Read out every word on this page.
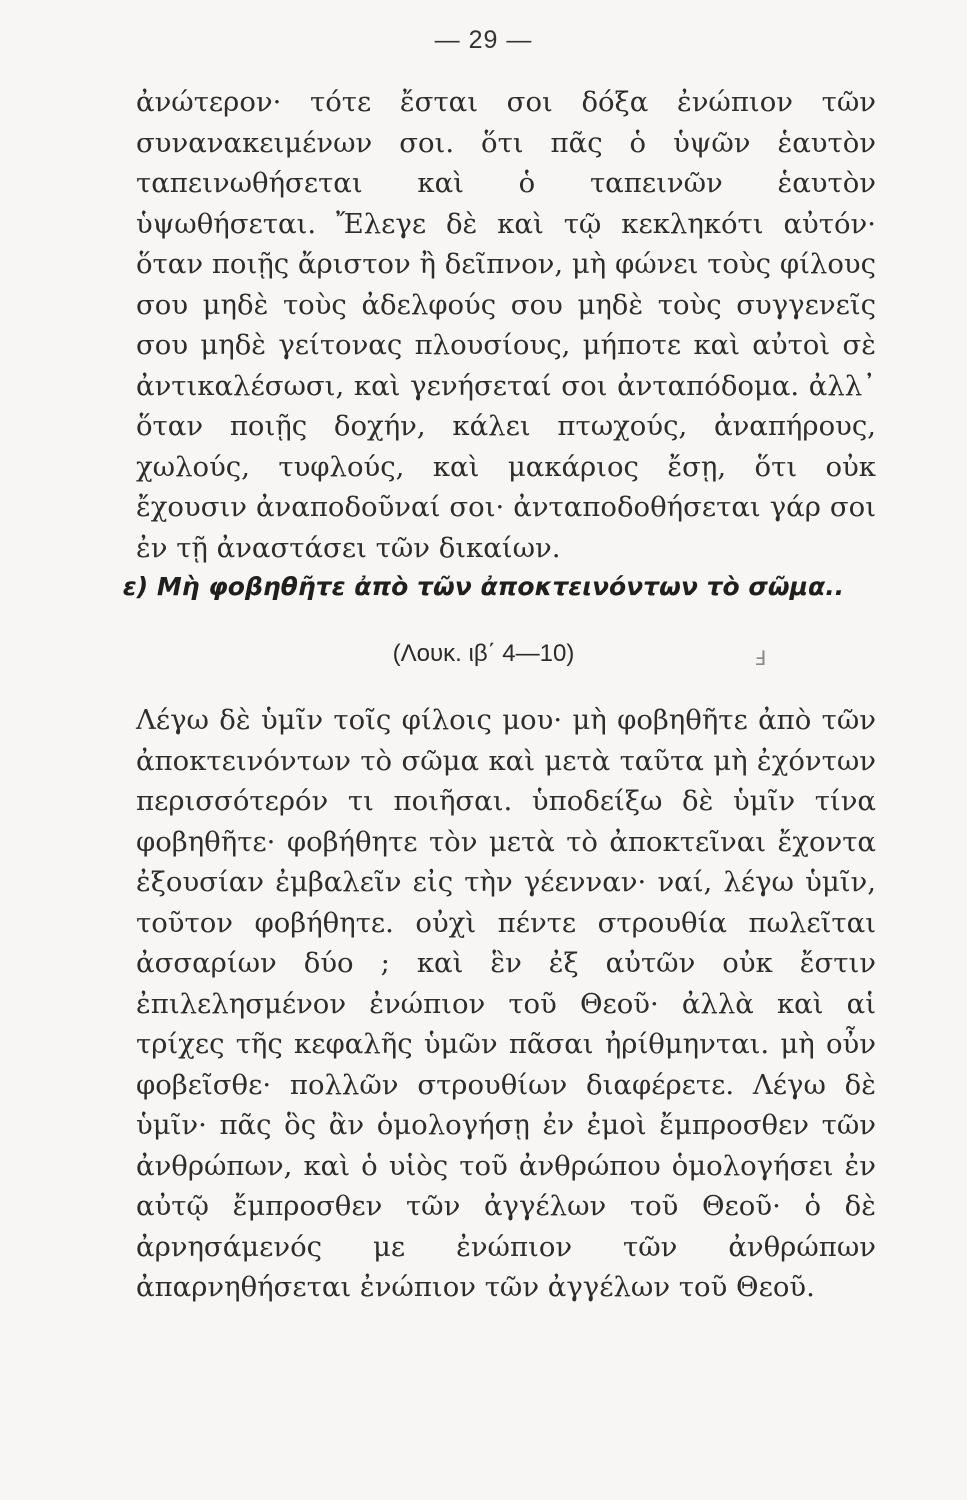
— 29 —

ἀνώτερον· τότε ἔσται σοι δόξα ἐνώπιον τῶν συνανακειμένων σοι. ὅτι πᾶς ὁ ὑψῶν ἑαυτὸν ταπεινωθήσεται καὶ ὁ ταπεινῶν ἑαυτὸν ὑψωθήσεται. Ἔλεγε δὲ καὶ τῷ κεκληκότι αὐτόν· ὅταν ποιῇς ἄριστον ἢ δεῖπνον, μὴ φώνει τοὺς φίλους σου μηδὲ τοὺς ἀδελφούς σου μηδὲ τοὺς συγγενεῖς σου μηδὲ γείτονας πλουσίους, μήποτε καὶ αὐτοὶ σὲ ἀντικαλέσωσι, καὶ γενήσεταί σοι ἀνταπόδομα. ἀλλ᾽ ὅταν ποιῇς δοχήν, κάλει πτωχούς, ἀναπήρους, χωλούς, τυφλούς, καὶ μακάριος ἔσῃ, ὅτι οὐκ ἔχουσιν ἀναποδοῦναί σοι· ἀνταποδοθήσεται γάρ σοι ἐν τῇ ἀναστάσει τῶν δικαίων.

ε) Μὴ φοβηθῆτε ἀπὸ τῶν ἀποκτεινόντων τὸ σῶμα..

(Λουκ. ιβ΄ 4—10)	Ⅎ

Λέγω δὲ ὑμῖν τοῖς φίλοις μου· μὴ φοβηθῆτε ἀπὸ τῶν ἀποκτεινόντων τὸ σῶμα καὶ μετὰ ταῦτα μὴ ἐχόντων περισσότερόν τι ποιῆσαι. ὑποδείξω δὲ ὑμῖν τίνα φοβηθῆτε· φοβήθητε τὸν μετὰ τὸ ἀποκτεῖναι ἔχοντα ἐξουσίαν ἐμβαλεῖν εἰς τὴν γέενναν· ναί, λέγω ὑμῖν, τοῦτον φοβήθητε. οὐχὶ πέντε στρουθία πωλεῖται ἀσσαρίων δύο ; καὶ ἓν ἐξ αὐτῶν οὐκ ἔστιν ἐπιλελησμένον ἐνώπιον τοῦ Θεοῦ· ἀλλὰ καὶ αἱ τρίχες τῆς κεφαλῆς ὑμῶν πᾶσαι ἠρίθμηνται. μὴ οὖν φοβεῖσθε· πολλῶν στρουθίων διαφέρετε. Λέγω δὲ ὑμῖν· πᾶς ὃς ἂν ὁμολογήσῃ ἐν ἐμοὶ ἔμπροσθεν τῶν ἀνθρώπων, καὶ ὁ υἱὸς τοῦ ἀνθρώπου ὁμολογήσει ἐν αὐτῷ ἔμπροσθεν τῶν ἀγγέλων τοῦ Θεοῦ· ὁ δὲ ἀρνησάμενός με ἐνώπιον τῶν ἀνθρώπων ἀπαρνηθήσεται ἐνώπιον τῶν ἀγγέλων τοῦ Θεοῦ.
